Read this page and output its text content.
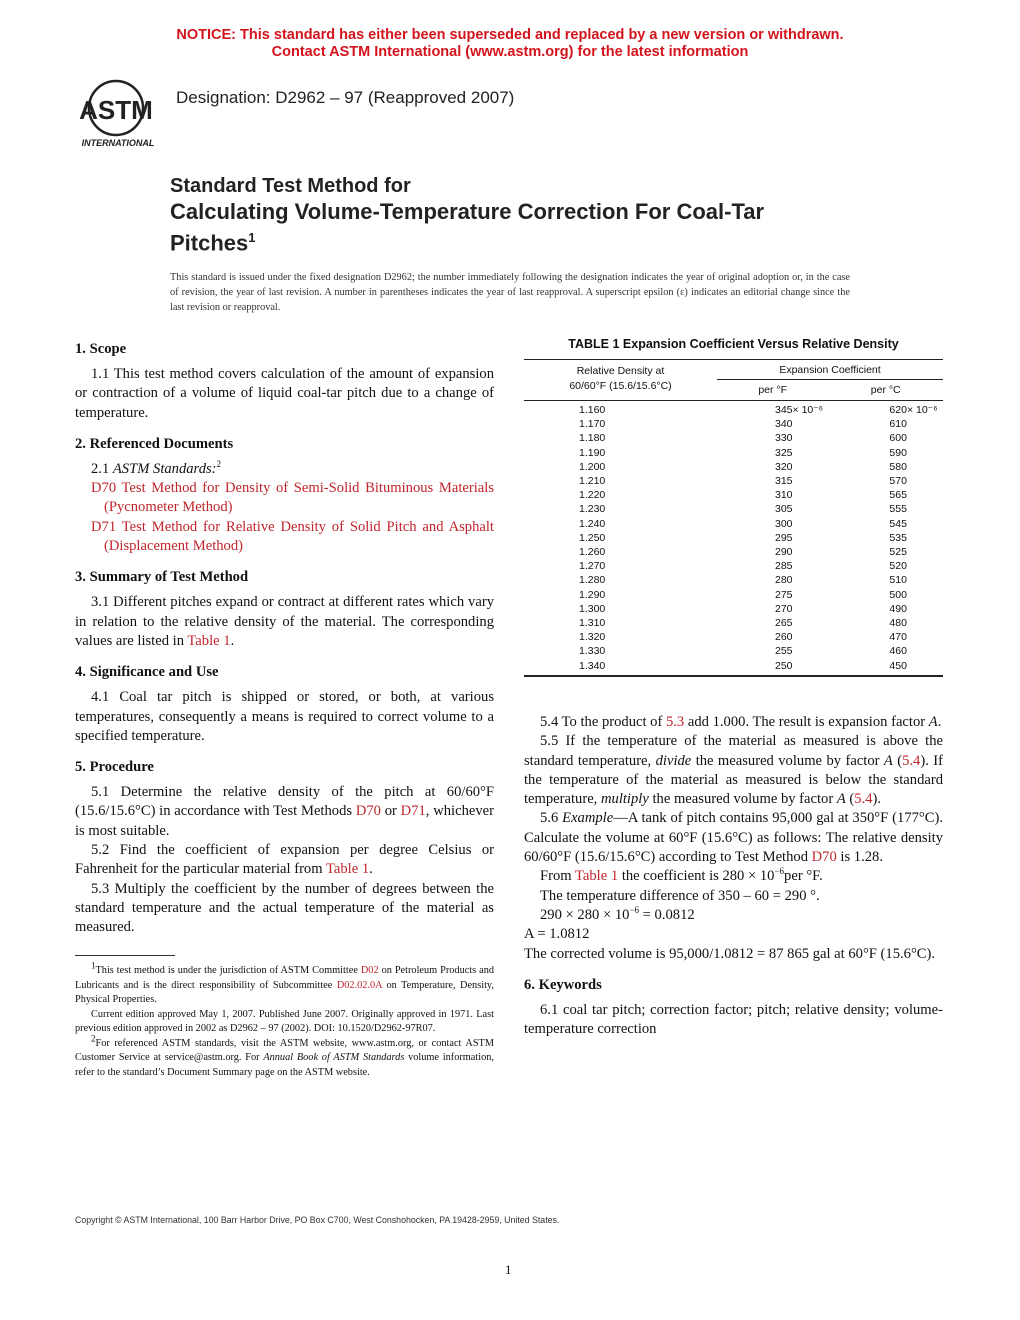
NOTICE: This standard has either been superseded and replaced by a new version or withdrawn.
Contact ASTM International (www.astm.org) for the latest information
ASTM
INTERNATIONAL
Designation: D2962 – 97 (Reapproved 2007)
Standard Test Method for
Calculating Volume-Temperature Correction For Coal-Tar
Pitches$^1$
This standard is issued under the fixed designation D2962; the number immediately following the designation indicates the year of original adoption or, in the case of revision, the year of last revision. A number in parentheses indicates the year of last reapproval. A superscript epsilon (ε) indicates an editorial change since the last revision or reapproval.
1. Scope

1.1 This test method covers calculation of the amount of expansion or contraction of a volume of liquid coal-tar pitch due to a change of temperature.

2. Referenced Documents

2.1 ASTM Standards:$^2$

D70 Test Method for Density of Semi-Solid Bituminous Materials (Pycnometer Method)

D71 Test Method for Relative Density of Solid Pitch and Asphalt (Displacement Method)

3. Summary of Test Method

3.1 Different pitches expand or contract at different rates which vary in relation to the relative density of the material. The corresponding values are listed in Table 1.

4. Significance and Use

4.1 Coal tar pitch is shipped or stored, or both, at various temperatures, consequently a means is required to correct volume to a specified temperature.

5. Procedure

5.1 Determine the relative density of the pitch at 60/60°F (15.6/15.6°C) in accordance with Test Methods D70 or D71, whichever is most suitable.

5.2 Find the coefficient of expansion per degree Celsius or Fahrenheit for the particular material from Table 1.

5.3 Multiply the coefficient by the number of degrees between the standard temperature and the actual temperature of the material as measured.

$^1$This test method is under the jurisdiction of ASTM Committee D02 on Petroleum Products and Lubricants and is the direct responsibility of Subcommittee D02.02.0A on Temperature, Density, Physical Properties.

Current edition approved May 1, 2007. Published June 2007. Originally approved in 1971. Last previous edition approved in 2002 as D2962 – 97 (2002). DOI: 10.1520/D2962-97R07.

$^2$For referenced ASTM standards, visit the ASTM website, www.astm.org, or contact ASTM Customer Service at service@astm.org. For Annual Book of ASTM Standards volume information, refer to the standard’s Document Summary page on the ASTM website.

TABLE 1 Expansion Coefficient Versus Relative Density
Relative Density at
60/60°F (15.6/15.6°C)	Expansion Coefficient	
	per °F	per °C

1.160	345× 10⁻⁶	620× 10⁻⁶
1.170	340	610
1.180	330	600
1.190	325	590
1.200	320	580
1.210	315	570
1.220	310	565
1.230	305	555
1.240	300	545
1.250	295	535
1.260	290	525
1.270	285	520
1.280	280	510
1.290	275	500
1.300	270	490
1.310	265	480
1.320	260	470
1.330	255	460
1.340	250	450

5.4 To the product of 5.3 add 1.000. The result is expansion factor A.

5.5 If the temperature of the material as measured is above the standard temperature, divide the measured volume by factor A (5.4). If the temperature of the material as measured is below the standard temperature, multiply the measured volume by factor A (5.4).

5.6 Example—A tank of pitch contains 95,000 gal at 350°F (177°C). Calculate the volume at 60°F (15.6°C) as follows: The relative density 60/60°F (15.6/15.6°C) according to Test Method D70 is 1.28.

From Table 1 the coefficient is $280 \times 10^{-6}per$ °F.

The temperature difference of 350 – 60 = 290 °.

$290 \times 280 \times 10^{-6} = 0.0812$

A = 1.0812

The corrected volume is 95,000/1.0812 = 87 865 gal at 60°F (15.6°C).

6. Keywords

6.1 coal tar pitch; correction factor; pitch; relative density; volume-temperature correction

Copyright © ASTM International, 100 Barr Harbor Drive, PO Box C700, West Conshohocken, PA 19428-2959, United States.
1
